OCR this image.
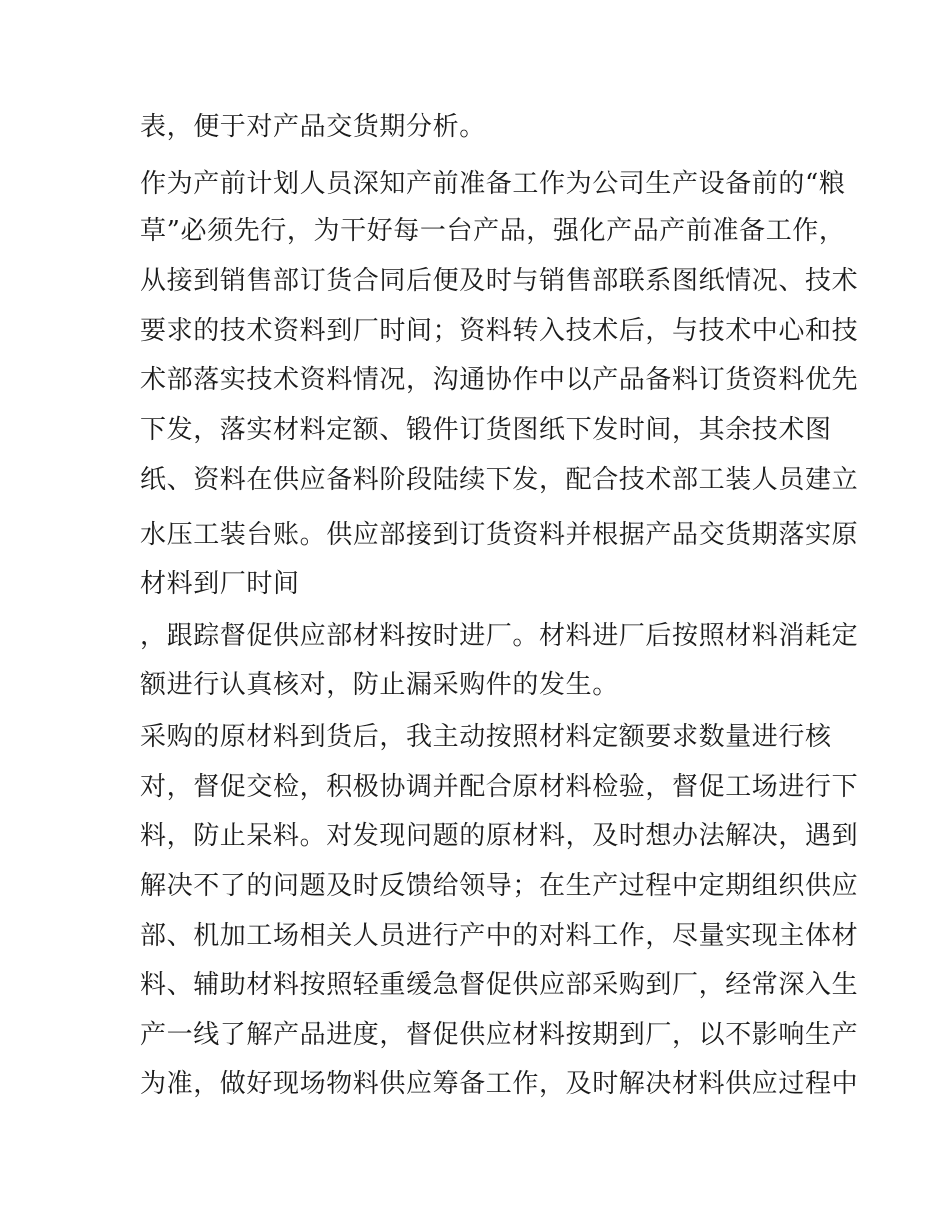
表，便于对产品交货期分析。

作为产前计划人员深知产前准备工作为公司生产设备前的“粮

草”必须先行，为干好每一台产品，强化产品产前准备工作，

从接到销售部订货合同后便及时与销售部联系图纸情况、技术

要求的技术资料到厂时间；资料转入技术后，与技术中心和技

术部落实技术资料情况，沟通协作中以产品备料订货资料优先

下发，落实材料定额、锻件订货图纸下发时间，其余技术图

纸、资料在供应备料阶段陆续下发，配合技术部工装人员建立

水压工装台账。供应部接到订货资料并根据产品交货期落实原

材料到厂时间

，跟踪督促供应部材料按时进厂。材料进厂后按照材料消耗定

额进行认真核对，防止漏采购件的发生。

采购的原材料到货后，我主动按照材料定额要求数量进行核

对，督促交检，积极协调并配合原材料检验，督促工场进行下

料，防止呆料。对发现问题的原材料，及时想办法解决，遇到

解决不了的问题及时反馈给领导；在生产过程中定期组织供应

部、机加工场相关人员进行产中的对料工作，尽量实现主体材

料、辅助材料按照轻重缓急督促供应部采购到厂，经常深入生

产一线了解产品进度，督促供应材料按期到厂，以不影响生产

为准，做好现场物料供应筹备工作，及时解决材料供应过程中
